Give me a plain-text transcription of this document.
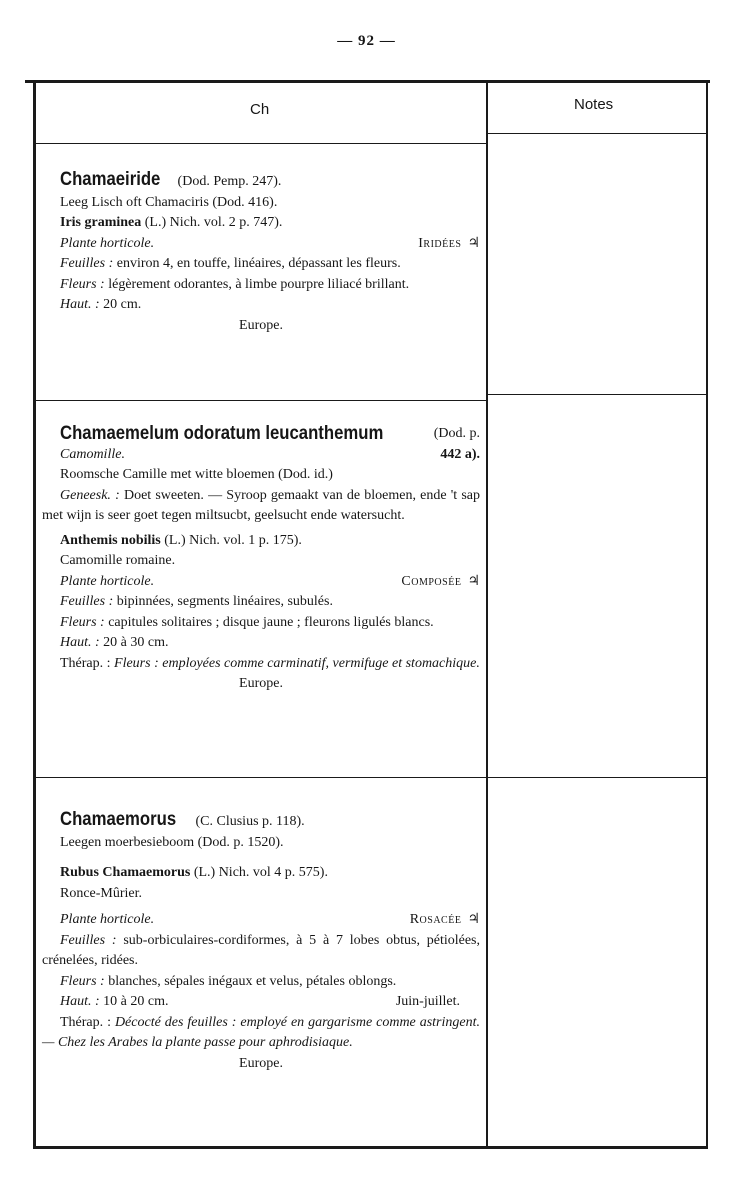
— 92 —
Ch	Notes

Chamaeiride (Dod. Pemp. 247).

Leeg Lisch oft Chamaciris (Dod. 416).

Iris graminea (L.) Nich. vol. 2 p. 747).

Plante horticole.	Iridées ♃

Feuilles : environ 4, en touffe, linéaires, dépassant les fleurs.

Fleurs : légèrement odorantes, à limbe pourpre liliacé brillant.

Haut. : 20 cm.

Europe.

Chamaemelum odoratum leucanthemum	(Dod. p.

Camomille.	442 a).

Roomsche Camille met witte bloemen (Dod. id.)

Geneesk. : Doet sweeten. — Syroop gemaakt van de bloemen, ende 't sap met wijn is seer goet tegen miltsucbt, geelsucht ende watersucht.

Anthemis nobilis (L.) Nich. vol. 1 p. 175).

Camomille romaine.

Plante horticole.	Composée ♃

Feuilles : bipinnées, segments linéaires, subulés.

Fleurs : capitules solitaires ; disque jaune ; fleurons ligulés blancs.

Haut. : 20 à 30 cm.

Thérap. : Fleurs : employées comme carminatif, vermifuge et stomachique.

Europe.

Chamaemorus (C. Clusius p. 118).

Leegen moerbesieboom (Dod. p. 1520).

Rubus Chamaemorus (L.) Nich. vol 4 p. 575).

Ronce-Mûrier.

Plante horticole.	Rosacée ♃

Feuilles : sub-orbiculaires-cordiformes, à 5 à 7 lobes obtus, pétiolées, crénelées, ridées.

Fleurs : blanches, sépales inégaux et velus, pétales oblongs.

Haut. : 10 à 20 cm.	Juin-juillet.

Thérap. : Décocté des feuilles : employé en gargarisme comme astringent. — Chez les Arabes la plante passe pour aphrodisiaque.

Europe.
